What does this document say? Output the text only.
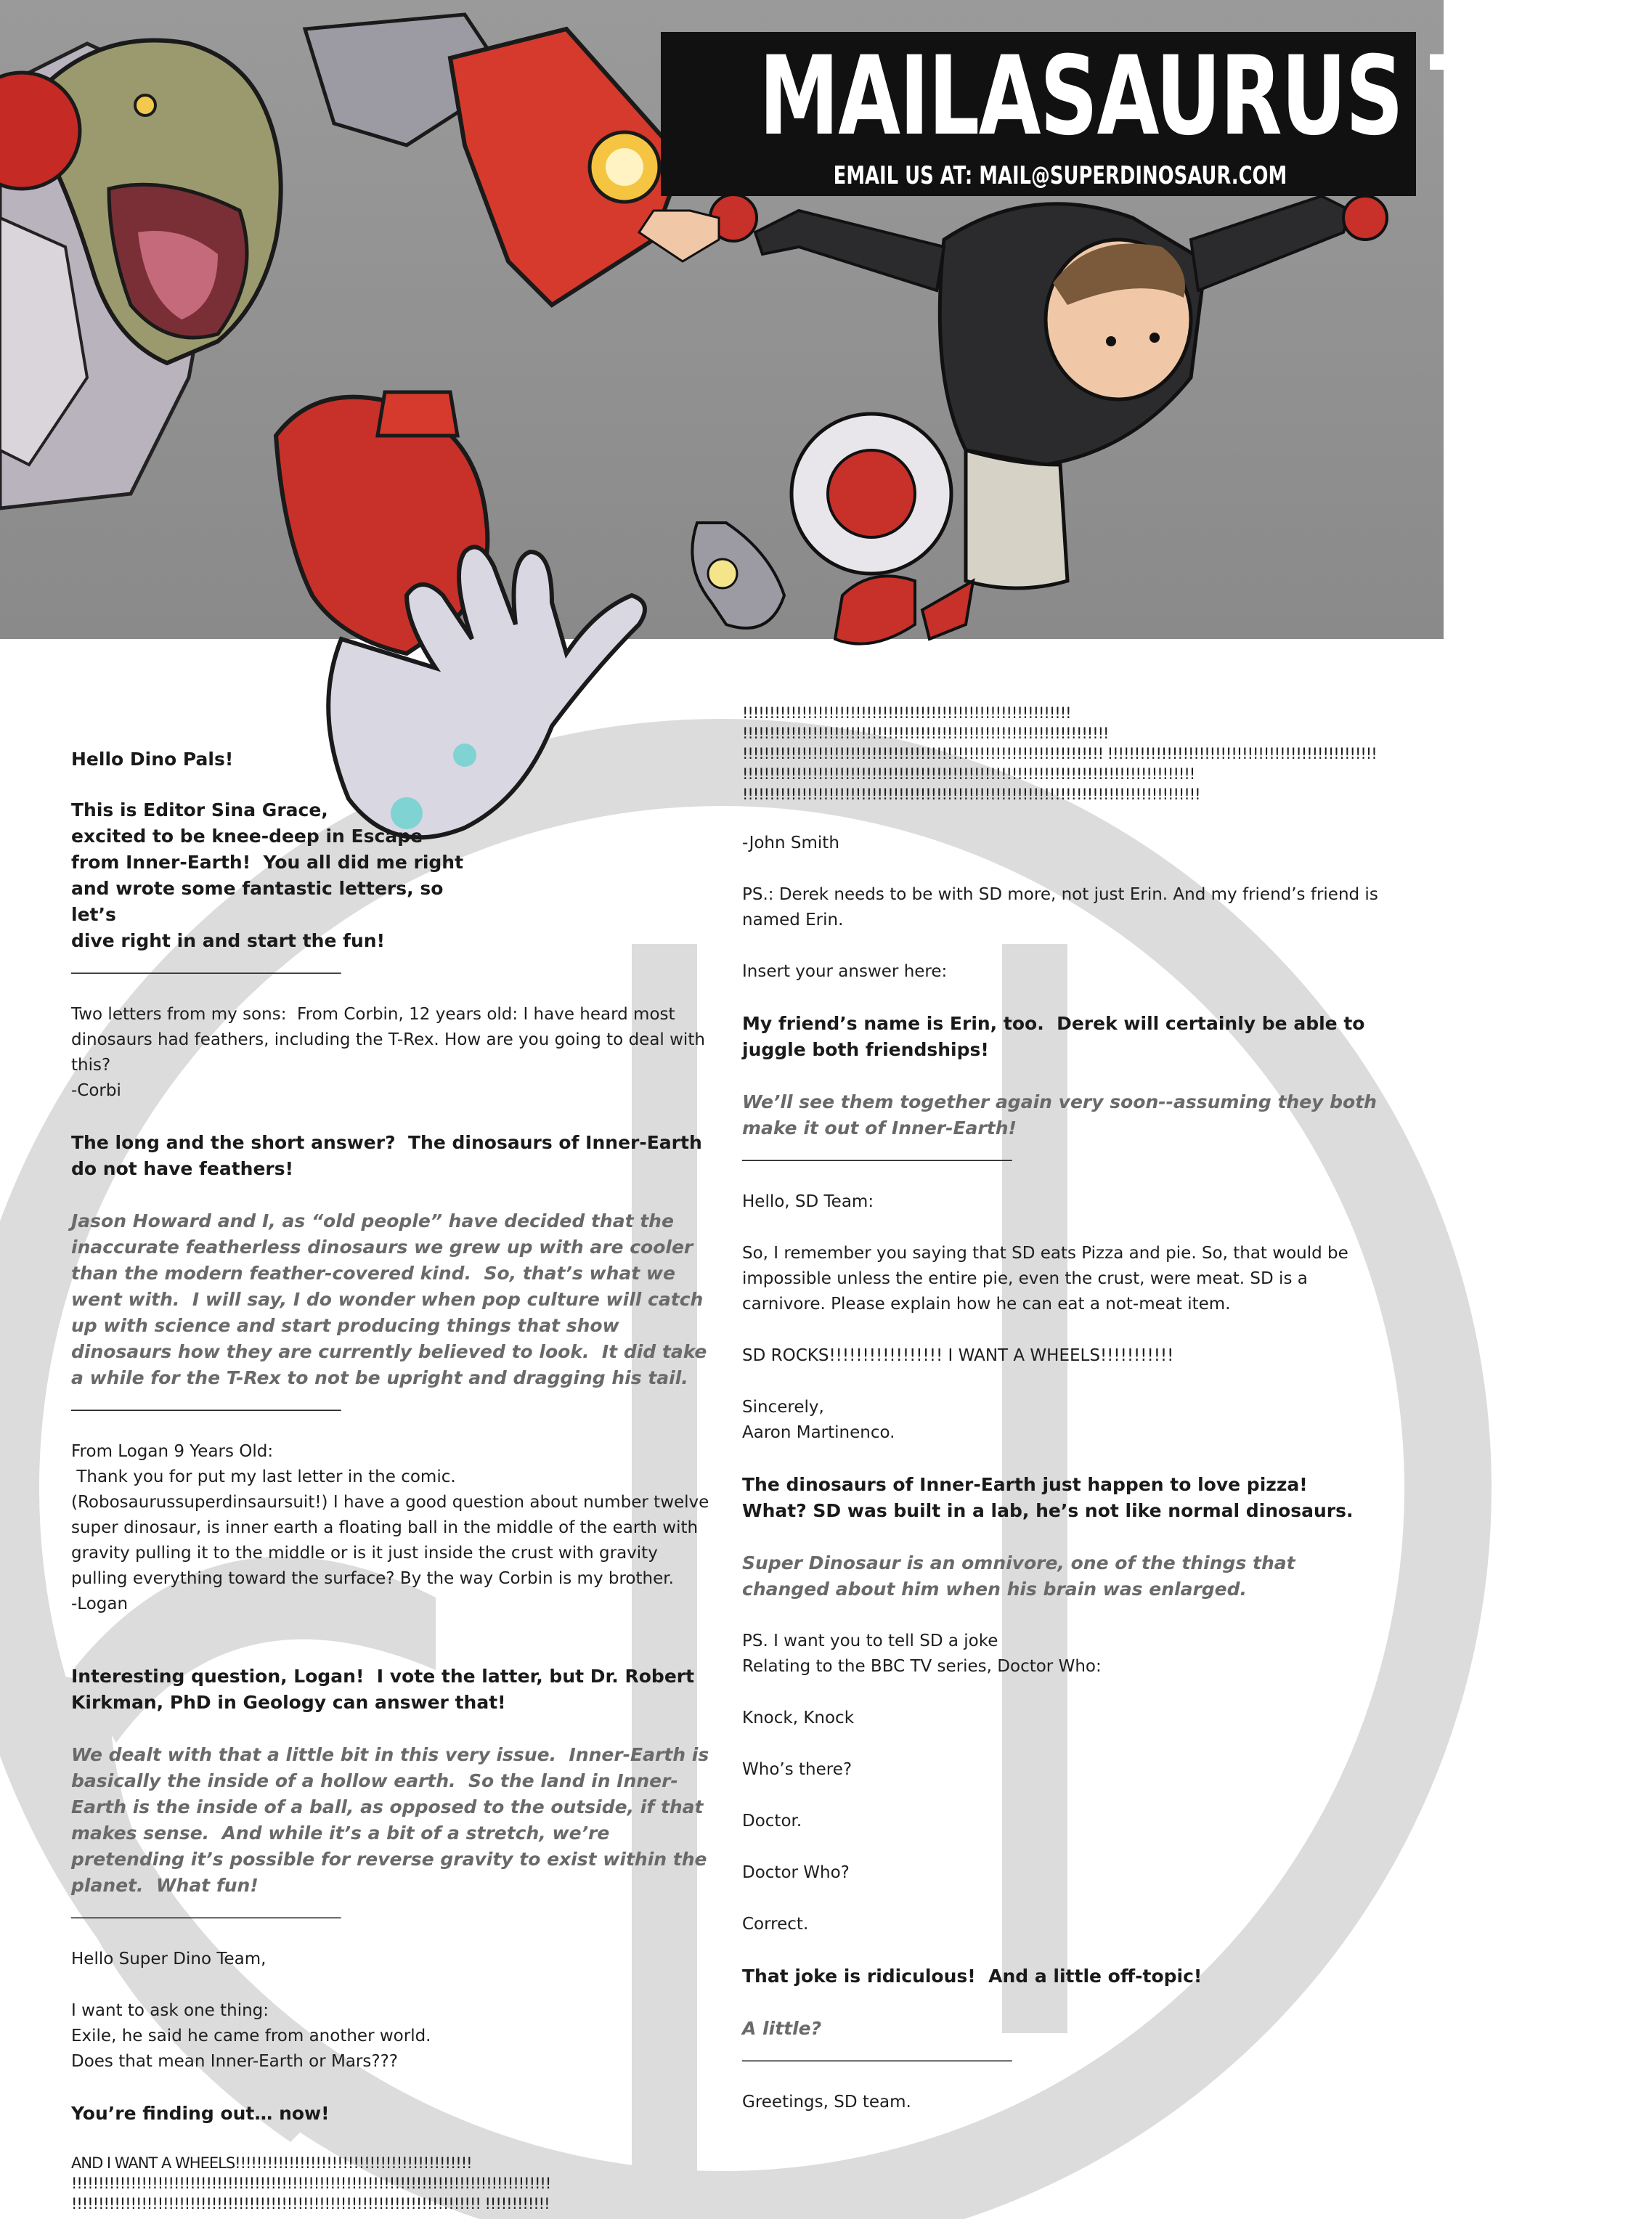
MAILASAURUS TEXT
EMAIL US AT: MAIL@SUPERDINOSAUR.COM

Hello Dino Pals!

This is Editor Sina Grace,
excited to be knee-deep in Escape
from Inner-Earth!  You all did me right
and wrote some fantastic letters, so let’s
dive right in and start the fun!

_______________________________________

Two letters from my sons:  From Corbin, 12 years old: I have heard most dinosaurs had feathers, including the T-Rex. How are you going to deal with this?
-Corbi

The long and the short answer?  The dinosaurs of Inner-Earth do not have feathers!

Jason Howard and I, as “old people” have decided that the inaccurate featherless dinosaurs we grew up with are cooler than the modern feather-covered kind.  So, that’s what we went with.  I will say, I do wonder when pop culture will catch up with science and start producing things that show dinosaurs how they are currently believed to look.  It did take a while for the T-Rex to not be upright and dragging his tail.

_______________________________________

From Logan 9 Years Old:
Thank you for put my last letter in the comic. (Robosaurussuperdinsaursuit!) I have a good question about number twelve super dinosaur, is inner earth a floating ball in the middle of the earth with gravity pulling it to the middle or is it just inside the crust with gravity pulling everything toward the surface? By the way Corbin is my brother.
-Logan

Interesting question, Logan!  I vote the latter, but Dr. Robert Kirkman, PhD in Geology can answer that!

We dealt with that a little bit in this very issue.  Inner-Earth is basically the inside of a hollow earth.  So the land in Inner-Earth is the inside of a ball, as opposed to the outside, if that makes sense.  And while it’s a bit of a stretch, we’re pretending it’s possible for reverse gravity to exist within the planet.  What fun!

_______________________________________

Hello Super Dino Team,

I want to ask one thing:
Exile, he said he came from another world.
Does that mean Inner-Earth or Mars???

You’re finding out… now!

AND I WANT A WHEELS!!!!!!!!!!!!!!!!!!!!!!!!!!!!!!!!!!!!!!!!!!!! !!!!!!!!!!!!!!!!!!!!!!!!!!!!!!!!!!!!!!!!!!!!!!!!!!!!!!!!!!!!!!!!!!!!!!!!!!!!!!!!!!!!!!!!! !!!!!!!!!!!!!!!!!!!!!!!!!!!!!!!!!!!!!!!!!!!!!!!!!!!!!!!!!!!!!!!!!!!!!!!!!!!! !!!!!!!!!!!!

!!!!!!!!!!!!!!!!!!!!!!!!!!!!!!!!!!!!!!!!!!!!!!!!!!!!!!!!!!!!! !!!!!!!!!!!!!!!!!!!!!!!!!!!!!!!!!!!!!!!!!!!!!!!!!!!!!!!!!!!!!!!!!!!! !!!!!!!!!!!!!!!!!!!!!!!!!!!!!!!!!!!!!!!!!!!!!!!!!!!!!!!!!!!!!!!!!!! !!!!!!!!!!!!!!!!!!!!!!!!!!!!!!!!!!!!!!!!!!!!!!!!!!
!!!!!!!!!!!!!!!!!!!!!!!!!!!!!!!!!!!!!!!!!!!!!!!!!!!!!!!!!!!!!!!!!!!!!!!!!!!!!!!!!!!!
!!!!!!!!!!!!!!!!!!!!!!!!!!!!!!!!!!!!!!!!!!!!!!!!!!!!!!!!!!!!!!!!!!!!!!!!!!!!!!!!!!!!!

-John Smith

PS.: Derek needs to be with SD more, not just Erin. And my friend’s friend is named Erin.

Insert your answer here:

My friend’s name is Erin, too.  Derek will certainly be able to juggle both friendships!

We’ll see them together again very soon--assuming they both make it out of Inner-Earth!

_______________________________________

Hello, SD Team:

So, I remember you saying that SD eats Pizza and pie. So, that would be impossible unless the entire pie, even the crust, were meat. SD is a carnivore. Please explain how he can eat a not-meat item.

SD ROCKS!!!!!!!!!!!!!!!!! I WANT A WHEELS!!!!!!!!!!!

Sincerely,
Aaron Martinenco.

The dinosaurs of Inner-Earth just happen to love pizza!  What? SD was built in a lab, he’s not like normal dinosaurs.

Super Dinosaur is an omnivore, one of the things that changed about him when his brain was enlarged.

PS. I want you to tell SD a joke
Relating to the BBC TV series, Doctor Who:

Knock, Knock

Who’s there?

Doctor.

Doctor Who?

Correct.

That joke is ridiculous!  And a little off-topic!

A little?

_______________________________________

Greetings, SD team.
